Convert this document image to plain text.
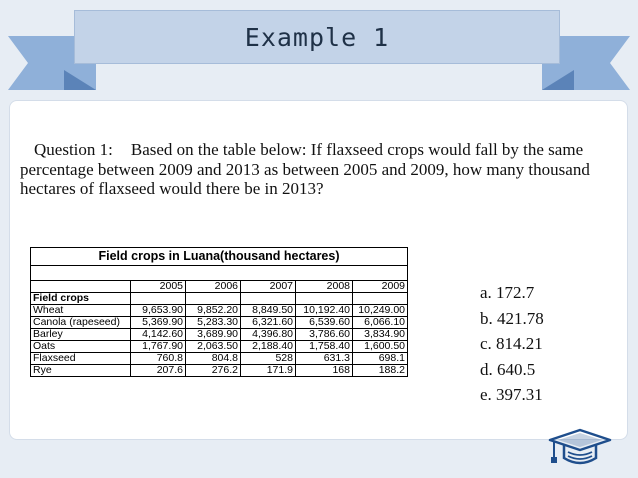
Example 1
Question 1: Based on the table below: If flaxseed crops would fall by the same percentage between 2009 and 2013 as between 2005 and 2009, how many thousand hectares of flaxseed would there be in 2013?
Field crops in Luana(thousand hectares)					

	2005	2006	2007	2008	2009
Field crops					
Wheat	9,653.90	9,852.20	8,849.50	10,192.40	10,249.00
Canola (rapeseed)	5,369.90	5,283.30	6,321.60	6,539.60	6,066.10
Barley	4,142.60	3,689.90	4,396.80	3,786.60	3,834.90
Oats	1,767.90	2,063.50	2,188.40	1,758.40	1,600.50
Flaxseed	760.8	804.8	528	631.3	698.1
Rye	207.6	276.2	171.9	168	188.2
a. 172.7
b. 421.78
c. 814.21
d. 640.5
e. 397.31
